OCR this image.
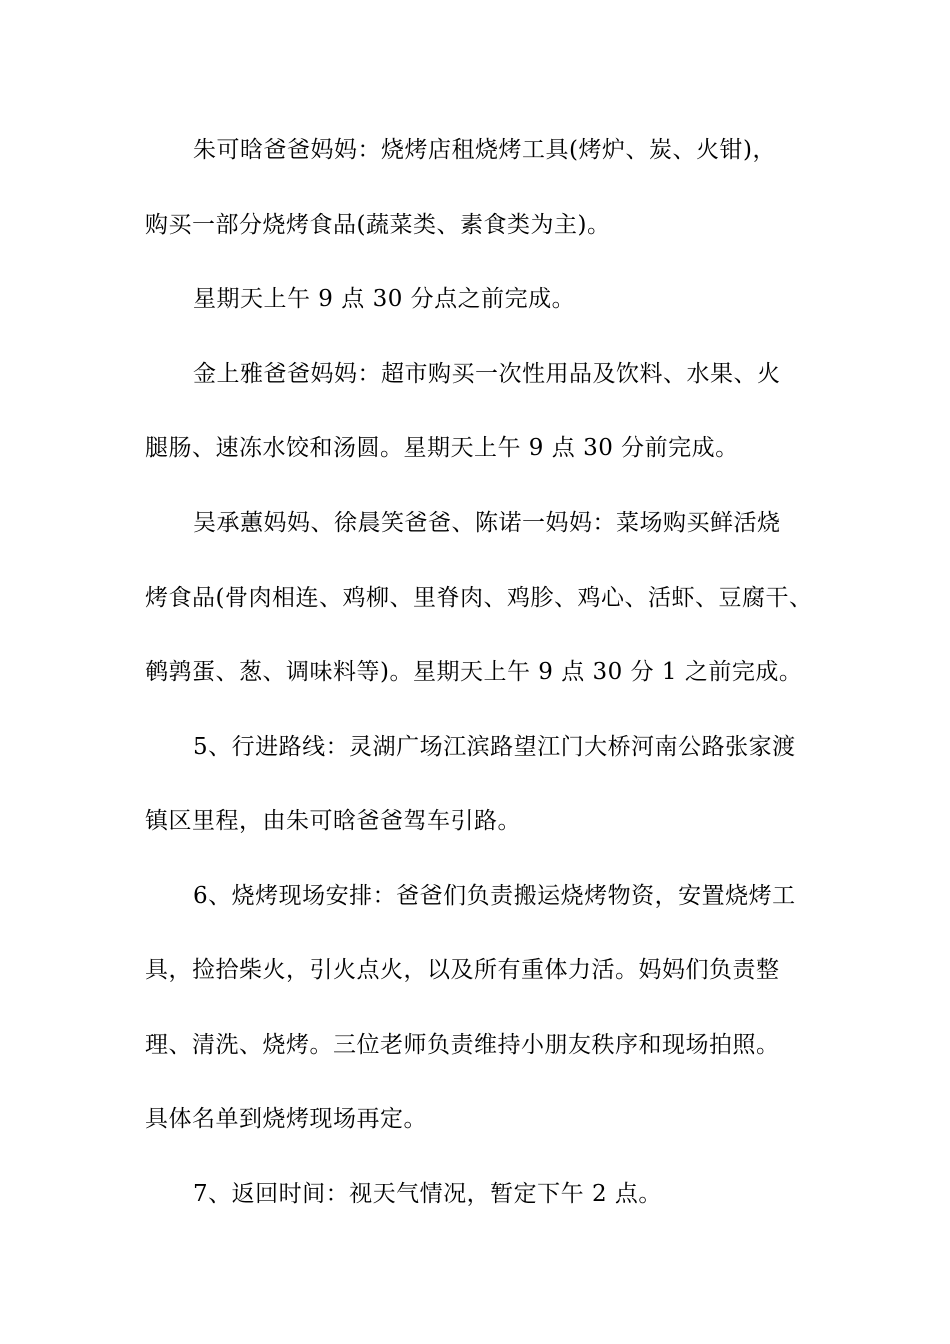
朱可晗爸爸妈妈：烧烤店租烧烤工具(烤炉、炭、火钳)，
购买一部分烧烤食品(蔬菜类、素食类为主)。
星期天上午 9 点 30 分点之前完成。
金上雅爸爸妈妈：超市购买一次性用品及饮料、水果、火
腿肠、速冻水饺和汤圆。星期天上午 9 点 30 分前完成。
吴承蕙妈妈、徐晨笑爸爸、陈诺一妈妈：菜场购买鲜活烧
烤食品(骨肉相连、鸡柳、里脊肉、鸡胗、鸡心、活虾、豆腐干、
鹌鹑蛋、葱、调味料等)。星期天上午 9 点 30 分 1 之前完成。
5、行进路线：灵湖广场江滨路望江门大桥河南公路张家渡
镇区里程，由朱可晗爸爸驾车引路。
6、烧烤现场安排：爸爸们负责搬运烧烤物资，安置烧烤工
具，捡拾柴火，引火点火，以及所有重体力活。妈妈们负责整
理、清洗、烧烤。三位老师负责维持小朋友秩序和现场拍照。
具体名单到烧烤现场再定。
7、返回时间：视天气情况，暂定下午 2 点。
